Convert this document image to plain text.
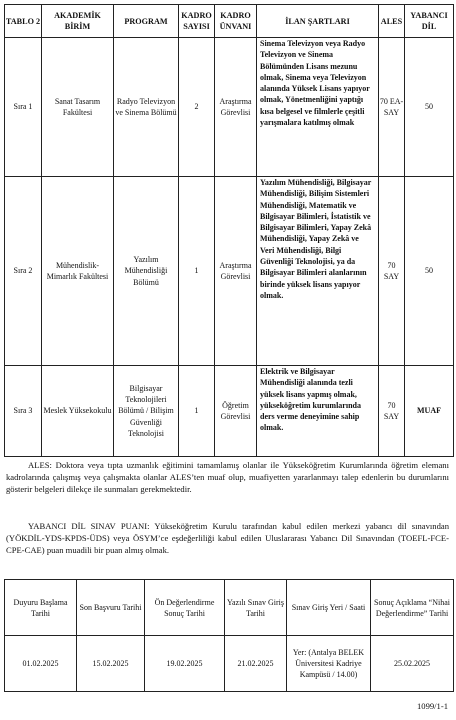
TABLO 2	AKADEMİK BİRİM	PROGRAM	KADRO SAYISI	KADRO ÜNVANI	İLAN ŞARTLARI	ALES	YABANCI DİL
Sıra 1	Sanat Tasarım Fakültesi	Radyo Televizyon ve Sinema Bölümü	2	Araştırma Görevlisi	Sinema Televizyon veya Radyo Televizyon ve Sinema Bölümünden Lisans mezunu olmak, Sinema veya Televizyon alanında Yüksek Lisans yapıyor olmak, Yönetmenliğini yaptığı kısa belgesel ve filmlerle çeşitli yarışmalara katılmış olmak	70 EA-SAY	50
Sıra 2	Mühendislik-Mimarlık Fakültesi	Yazılım Mühendisliği Bölümü	1	Araştırma Görevlisi	Yazılım Mühendisliği, Bilgisayar Mühendisliği, Bilişim Sistemleri Mühendisliği, Matematik ve Bilgisayar Bilimleri, İstatistik ve Bilgisayar Bilimleri, Yapay Zekâ Mühendisliği, Yapay Zekâ ve Veri Mühendisliği, Bilgi Güvenliği Teknolojisi, ya da Bilgisayar Bilimleri alanlarının birinde yüksek lisans yapıyor olmak.	70 SAY	50
Sıra 3	Meslek Yüksekokulu	Bilgisayar Teknolojileri Bölümü / Bilişim Güvenliği Teknolojisi	1	Öğretim Görevlisi	Elektrik ve Bilgisayar Mühendisliği alanında tezli yüksek lisans yapmış olmak, yükseköğretim kurumlarında ders verme deneyimine sahip olmak.	70 SAY	MUAF

ALES: Doktora veya tıpta uzmanlık eğitimini tamamlamış olanlar ile Yükseköğretim Kurumlarında öğretim elemanı kadrolarında çalışmış veya çalışmakta olanlar ALES’ten muaf olup, muafiyetten yararlanmayı talep edenlerin bu durumlarını gösterir belgeleri dilekçe ile sunmaları gerekmektedir.

YABANCI DİL SINAV PUANI: Yükseköğretim Kurulu tarafından kabul edilen merkezi yabancı dil sınavından (YÖKDİL-YDS-KPDS-ÜDS) veya ÖSYM’ce eşdeğerliliği kabul edilen Uluslararası Yabancı Dil Sınavından (TOEFL-FCE-CPE-CAE) puan muadili bir puan almış olmak.

Duyuru Başlama Tarihi	Son Başvuru Tarihi	Ön Değerlendirme Sonuç Tarihi	Yazılı Sınav Giriş Tarihi	Sınav Giriş Yeri / Saati	Sonuç Açıklama “Nihai Değerlendirme” Tarihi
01.02.2025	15.02.2025	19.02.2025	21.02.2025	Yer: (Antalya BELEK Üniversitesi Kadriye Kampüsü / 14.00)	25.02.2025
1099/1-1
